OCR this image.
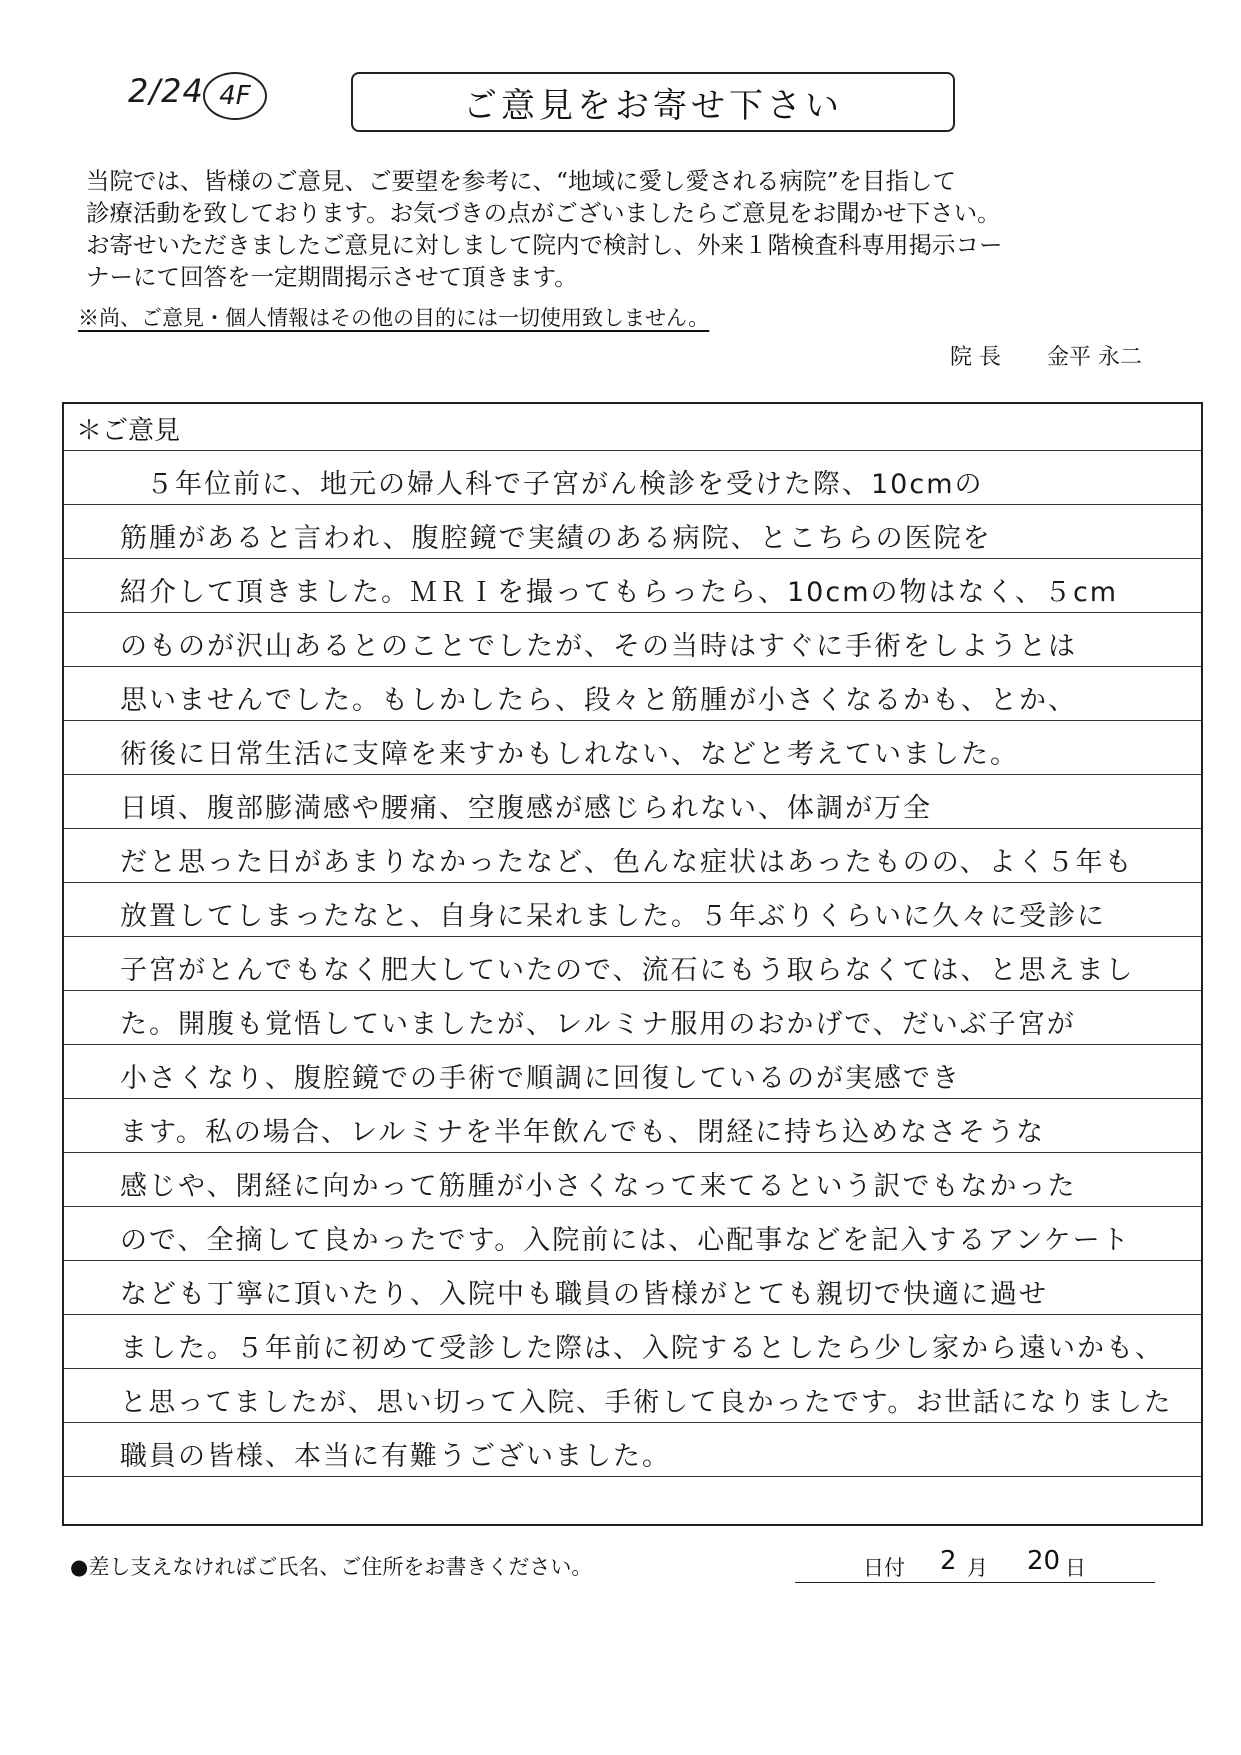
2/24 4F	ご意見をお寄せ下さい
当院では、皆様のご意見、ご要望を参考に、“地域に愛し愛される病院”を目指して
診療活動を致しております。お気づきの点がございましたらご意見をお聞かせ下さい。
お寄せいただきましたご意見に対しまして院内で検討し、外来１階検査科専用掲示コー
ナーにて回答を一定期間掲示させて頂きます。
※尚、ご意見・個人情報はその他の目的には一切使用致しません。
院 長 金平 永二
＊ご意見
５年位前に、地元の婦人科で子宮がん検診を受けた際、10cmの
筋腫があると言われ、腹腔鏡で実績のある病院、とこちらの医院を
紹介して頂きました。ＭＲＩを撮ってもらったら、10cmの物はなく、５cm
のものが沢山あるとのことでしたが、その当時はすぐに手術をしようとは
思いませんでした。もしかしたら、段々と筋腫が小さくなるかも、とか、
術後に日常生活に支障を来すかもしれない、などと考えていました。
日頃、腹部膨満感や腰痛、空腹感が感じられない、体調が万全
だと思った日があまりなかったなど、色んな症状はあったものの、よく５年も
放置してしまったなと、自身に呆れました。５年ぶりくらいに久々に受診に
子宮がとんでもなく肥大していたので、流石にもう取らなくては、と思えまし
た。開腹も覚悟していましたが、レルミナ服用のおかげで、だいぶ子宮が
小さくなり、腹腔鏡での手術で順調に回復しているのが実感でき
ます。私の場合、レルミナを半年飲んでも、閉経に持ち込めなさそうな
感じや、閉経に向かって筋腫が小さくなって来てるという訳でもなかった
ので、全摘して良かったです。入院前には、心配事などを記入するアンケート
なども丁寧に頂いたり、入院中も職員の皆様がとても親切で快適に過せ
ました。５年前に初めて受診した際は、入院するとしたら少し家から遠いかも、
と思ってましたが、思い切って入院、手術して良かったです。お世話になりました
職員の皆様、本当に有難うございました。
●差し支えなければご氏名、ご住所をお書きください。	日付 2 月 20 日
